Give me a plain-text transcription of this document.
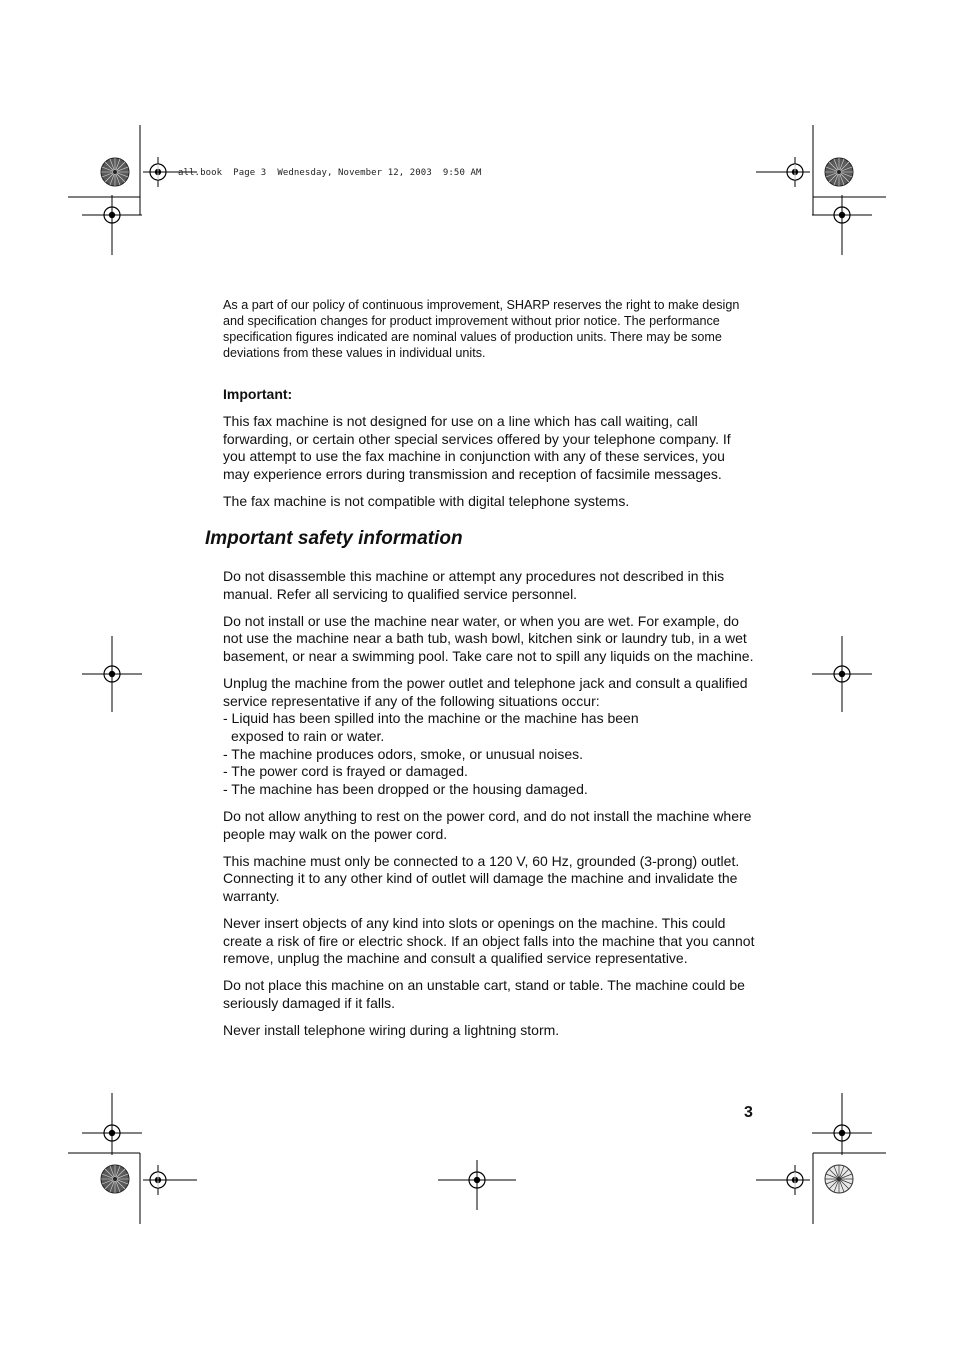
all.book  Page 3  Wednesday, November 12, 2003  9:50 AM

As a part of our policy of continuous improvement, SHARP reserves the right to make design and specification changes for product improvement without prior notice. The performance specification figures indicated are nominal values of production units. There may be some deviations from these values in individual units.

Important:

This fax machine is not designed for use on a line which has call waiting, call forwarding, or certain other special services offered by your telephone company. If you attempt to use the fax machine in conjunction with any of these services, you may experience errors during transmission and reception of facsimile messages.

The fax machine is not compatible with digital telephone systems.

Important safety information

Do not disassemble this machine or attempt any procedures not described in this manual. Refer all servicing to qualified service personnel.

Do not install or use the machine near water, or when you are wet. For example, do not use the machine near a bath tub, wash bowl, kitchen sink or laundry tub, in a wet basement, or near a swimming pool. Take care not to spill any liquids on the machine.

Unplug the machine from the power outlet and telephone jack and consult a qualified service representative if any of the following situations occur:

- Liquid has been spilled into the machine or the machine has been
exposed to rain or water.
- The machine produces odors, smoke, or unusual noises.
- The power cord is frayed or damaged.
- The machine has been dropped or the housing damaged.

Do not allow anything to rest on the power cord, and do not install the machine where people may walk on the power cord.

This machine must only be connected to a 120 V, 60 Hz, grounded (3-prong) outlet. Connecting it to any other kind of outlet will damage the machine and invalidate the warranty.

Never insert objects of any kind into slots or openings on the machine. This could create a risk of fire or electric shock. If an object falls into the machine that you cannot remove, unplug the machine and consult a qualified service representative.

Do not place this machine on an unstable cart, stand or table. The machine could be seriously damaged if it falls.

Never install telephone wiring during a lightning storm.

3
